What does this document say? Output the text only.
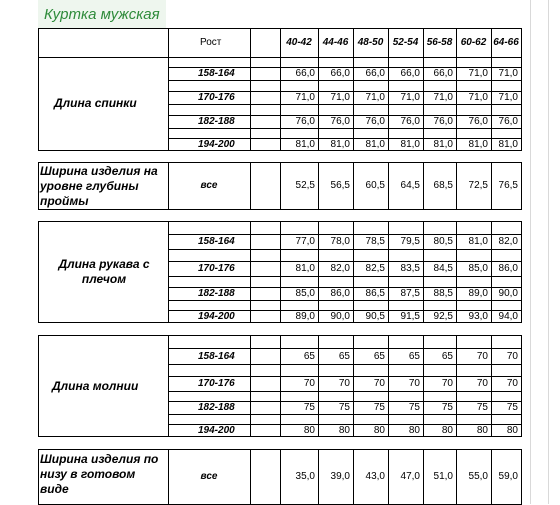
Куртка мужская
Рост	40-42	44-46 48-50 52-54 56-58 60-62 64-66
Длина спинки
158-164	66,0	66,0	66,0	66,0	66,0	71,0	71,0
170-176	71,0	71,0	71,0	71,0	71,0	71,0	71,0
182-188	76,0	76,0	76,0	76,0	76,0	76,0	76,0
194-200	81,0	81,0	81,0	81,0	81,0	81,0	81,0
Ширина изделия на уровне глубины проймы
все	52,5	56,5	60,5	64,5	68,5	72,5	76,5
Длина рукава с плечом
158-164	77,0	78,0	78,5	79,5	80,5	81,0	82,0
170-176	81,0	82,0	82,5	83,5	84,5	85,0	86,0
182-188	85,0	86,0	86,5	87,5	88,5	89,0	90,0
194-200	89,0	90,0	90,5	91,5	92,5	93,0	94,0
Длина молнии
158-164	65	65	65	65	65	70	70
170-176	70	70	70	70	70	70	70
182-188	75	75	75	75	75	75	75
194-200	80	80	80	80	80	80	80
Ширина изделия по низу в готовом виде
все	35,0	39,0	43,0	47,0	51,0	55,0	59,0
